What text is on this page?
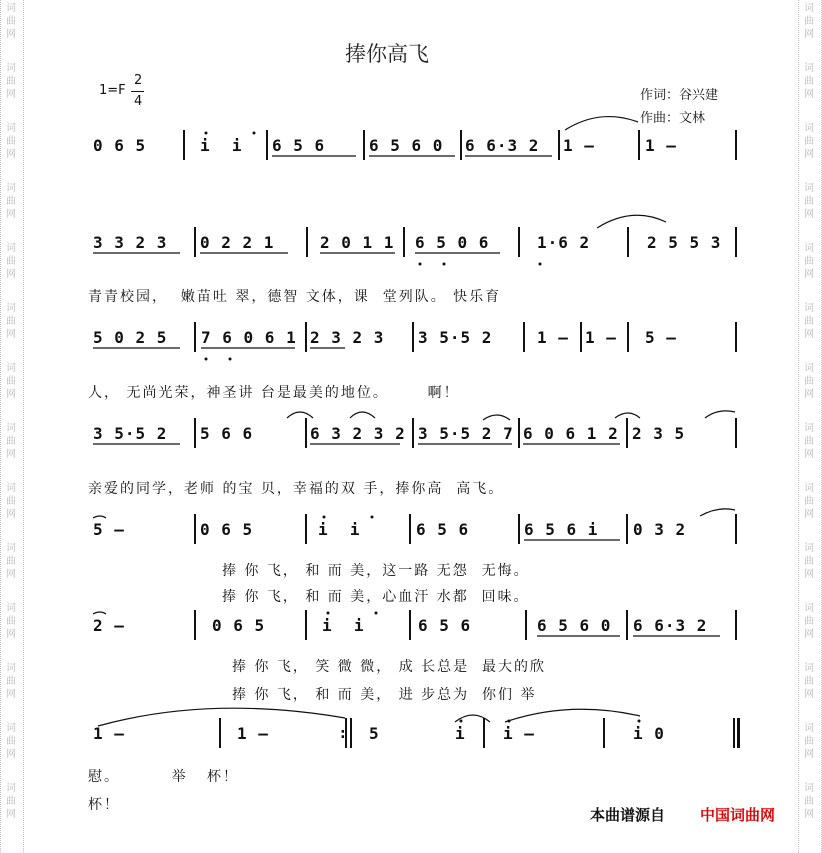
词
曲
网
词
曲
网
词
曲
网
词
曲
网
词
曲
网
词
曲
网
词
曲
网
词
曲
网
词
曲
网
词
曲
网
词
曲
网
词
曲
网
词
曲
网
词
曲
网
词
曲
网
词
曲
网
词
曲
网
词
曲
网
词
曲
网
词
曲
网
词
曲
网
词
曲
网
词
曲
网
词
曲
网
词
曲
网
词
曲
网
词
曲
网
词
曲
网
捧你高飞
1=F
2
4	作词：谷兴建
作曲：文林
0 6 5	i  i 6 5 6	6 5 6 0 6 6·3 2 1 –	1 –
3 3 2 3 0 2 2 1	2 0 1 1 6 5 0 6	1·6 2	2 5 5 3
青青校园，  嫩苗吐 翠，德智 文体，课  堂列队。 快乐育
5 0 2 5 7 6 0 6 1 2 3 2 3 3 5·5 2	1 – 1 – 5 –
人， 无尚光荣，神圣讲 台是最美的地位。      啊！
3 5·5 2 5 6 6	6 3 2 3 2 3 5·5 2 7 6 0 6 1 2 2 3 5
亲爱的同学，老师 的宝 贝，幸福的双 手，捧你高  高飞。
5 –	0 6 5	i  i	6 5 6	6 5 6 i 0 3 2
捧 你 飞， 和 而 美，这一路 无怨  无悔。
捧 你 飞， 和 而 美，心血汗 水都  回味。
2 –	0 6 5	i  i	6 5 6	6 5 6 0 6 6·3 2
捧 你 飞， 笑 微 微， 成 长总是  最大的欣
捧 你 飞， 和 而 美， 进 步总为  你们 举
1 –	1 –	5	i i –	i 0
:
慰。        举   杯！
杯！
本曲谱源自 中国词曲网
